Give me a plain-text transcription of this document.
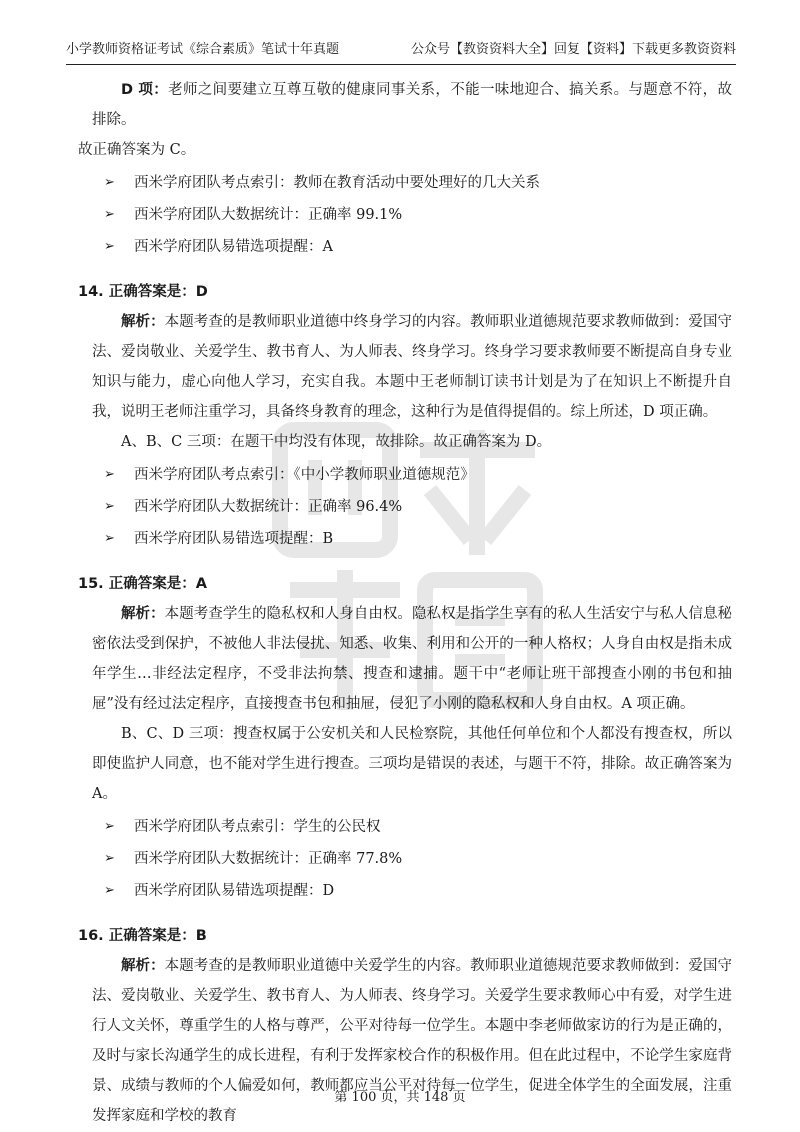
小学教师资格证考试《综合素质》笔试十年真题	公众号【教资资料大全】回复【资料】下载更多教资资料

D 项：老师之间要建立互尊互敬的健康同事关系，不能一味地迎合、搞关系。与题意不符，故排除。

故正确答案为 C。

➢	西米学府团队考点索引：教师在教育活动中要处理好的几大关系
➢	西米学府团队大数据统计：正确率 99.1%
➢	西米学府团队易错选项提醒：A
14. 正确答案是：D

解析：本题考查的是教师职业道德中终身学习的内容。教师职业道德规范要求教师做到：爱国守法、爱岗敬业、关爱学生、教书育人、为人师表、终身学习。终身学习要求教师要不断提高自身专业知识与能力，虚心向他人学习，充实自我。本题中王老师制订读书计划是为了在知识上不断提升自我，说明王老师注重学习，具备终身教育的理念，这种行为是值得提倡的。综上所述，D 项正确。

A、B、C 三项：在题干中均没有体现，故排除。故正确答案为 D。

➢	西米学府团队考点索引：《中小学教师职业道德规范》
➢	西米学府团队大数据统计：正确率 96.4%
➢	西米学府团队易错选项提醒：B
15. 正确答案是：A

解析：本题考查学生的隐私权和人身自由权。隐私权是指学生享有的私人生活安宁与私人信息秘密依法受到保护，不被他人非法侵扰、知悉、收集、利用和公开的一种人格权；人身自由权是指未成年学生…非经法定程序，不受非法拘禁、搜查和逮捕。题干中“老师让班干部搜查小刚的书包和抽屉”没有经过法定程序，直接搜查书包和抽屉，侵犯了小刚的隐私权和人身自由权。A 项正确。

B、C、D 三项：搜查权属于公安机关和人民检察院，其他任何单位和个人都没有搜查权，所以即使监护人同意，也不能对学生进行搜查。三项均是错误的表述，与题干不符，排除。故正确答案为 A。

➢	西米学府团队考点索引：学生的公民权
➢	西米学府团队大数据统计：正确率 77.8%
➢	西米学府团队易错选项提醒：D
16. 正确答案是：B

解析：本题考查的是教师职业道德中关爱学生的内容。教师职业道德规范要求教师做到：爱国守法、爱岗敬业、关爱学生、教书育人、为人师表、终身学习。关爱学生要求教师心中有爱，对学生进行人文关怀，尊重学生的人格与尊严，公平对待每一位学生。本题中李老师做家访的行为是正确的，及时与家长沟通学生的成长进程，有利于发挥家校合作的积极作用。但在此过程中，不论学生家庭背景、成绩与教师的个人偏爱如何，教师都应当公平对待每一位学生，促进全体学生的全面发展，注重发挥家庭和学校的教育

第 100 页，共 148 页
